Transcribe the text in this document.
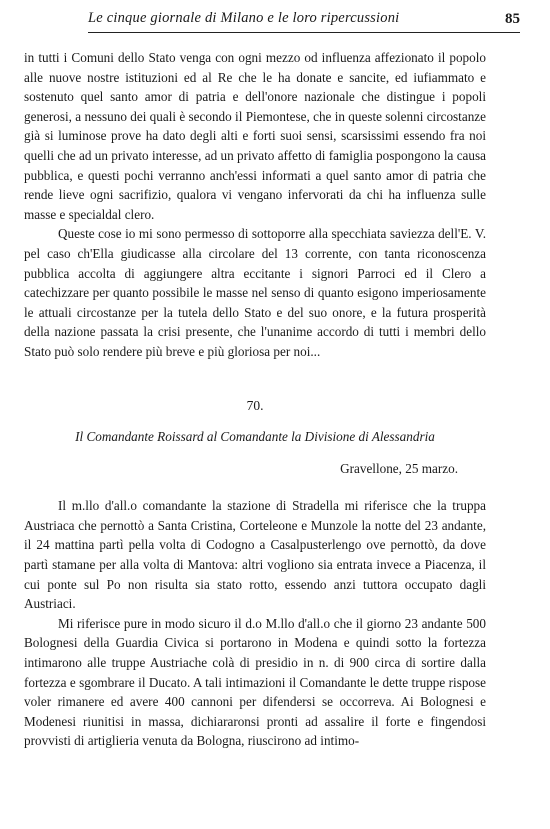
Le cinque giornale di Milano e le loro ripercussioni	85

in tutti i Comuni dello Stato venga con ogni mezzo od influenza affezionato il popolo alle nuove nostre istituzioni ed al Re che le ha donate e sancite, ed iufiammato e sostenuto quel santo amor di patria e dell'onore nazionale che distingue i popoli generosi, a nessuno dei quali è secondo il Piemontese, che in queste solenni circostanze già si luminose prove ha dato degli alti e forti suoi sensi, scarsissimi essendo fra noi quelli che ad un privato interesse, ad un privato affetto di famiglia pospongono la causa pubblica, e questi pochi verranno anch'essi informati a quel santo amor di patria che rende lieve ogni sacrifizio, qualora vi vengano infervorati da chi ha influenza sulle masse e specialdal clero.

Queste cose io mi sono permesso di sottoporre alla specchiata saviezza dell'E. V. pel caso ch'Ella giudicasse alla circolare del 13 corrente, con tanta riconoscenza pubblica accolta di aggiungere altra eccitante i signori Parroci ed il Clero a catechizzare per quanto possibile le masse nel senso di quanto esigono imperiosamente le attuali circostanze per la tutela dello Stato e del suo onore, e la futura prosperità della nazione passata la crisi presente, che l'unanime accordo di tutti i membri dello Stato può solo rendere più breve e più gloriosa per noi...

70.

Il Comandante Roissard al Comandante la Divisione di Alessandria

Gravellone, 25 marzo.

Il m.llo d'all.o comandante la stazione di Stradella mi riferisce che la truppa Austriaca che pernottò a Santa Cristina, Corteleone e Munzole la notte del 23 andante, il 24 mattina partì pella volta di Codogno a Casalpusterlengo ove pernottò, da dove partì stamane per alla volta di Mantova: altri vogliono sia entrata invece a Piacenza, il cui ponte sul Po non risulta sia stato rotto, essendo anzi tuttora occupato dagli Austriaci.

Mi riferisce pure in modo sicuro il d.o M.llo d'all.o che il giorno 23 andante 500 Bolognesi della Guardia Civica si portarono in Modena e quindi sotto la fortezza intimarono alle truppe Austriache colà di presidio in n. di 900 circa di sortire dalla fortezza e sgombrare il Ducato. A tali intimazioni il Comandante le dette truppe rispose voler rimanere ed avere 400 cannoni per difendersi se occorreva. Ai Bolognesi e Modenesi riunitisi in massa, dichiararonsi pronti ad assalire il forte e fingendosi provvisti di artiglieria venuta da Bologna, riuscirono ad intimo-
